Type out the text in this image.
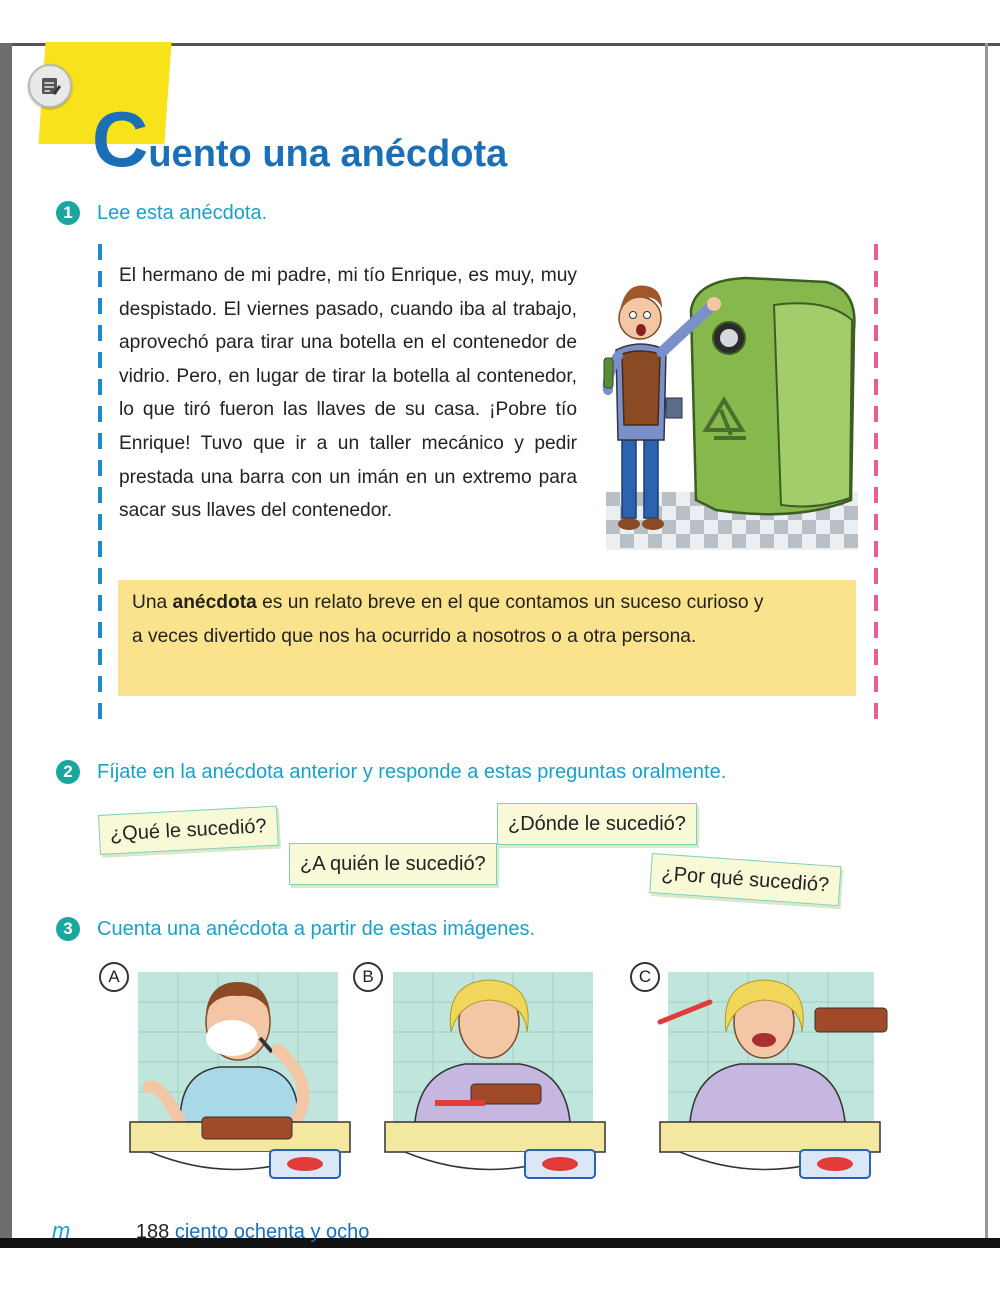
Cuento una anécdota
1	Lee esta anécdota.
El hermano de mi padre, mi tío Enrique, es muy, muy despistado. El viernes pasado, cuando iba al trabajo, aprovechó para tirar una botella en el contenedor de vidrio. Pero, en lugar de tirar la botella al contenedor, lo que tiró fueron las llaves de su casa. ¡Pobre tío Enrique! Tuvo que ir a un taller mecánico y pedir prestada una barra con un imán en un extremo para sacar sus llaves del contenedor.
Una anécdota es un relato breve en el que contamos un suceso curioso y a veces divertido que nos ha ocurrido a nosotros o a otra persona.
2	Fíjate en la anécdota anterior y responde a estas preguntas oralmente.
¿Qué le sucedió?
¿A quién le sucedió?
¿Dónde le sucedió?
¿Por qué sucedió?
3	Cuenta una anécdota a partir de estas imágenes.
A	B	C
m	188 ciento ochenta y ocho
